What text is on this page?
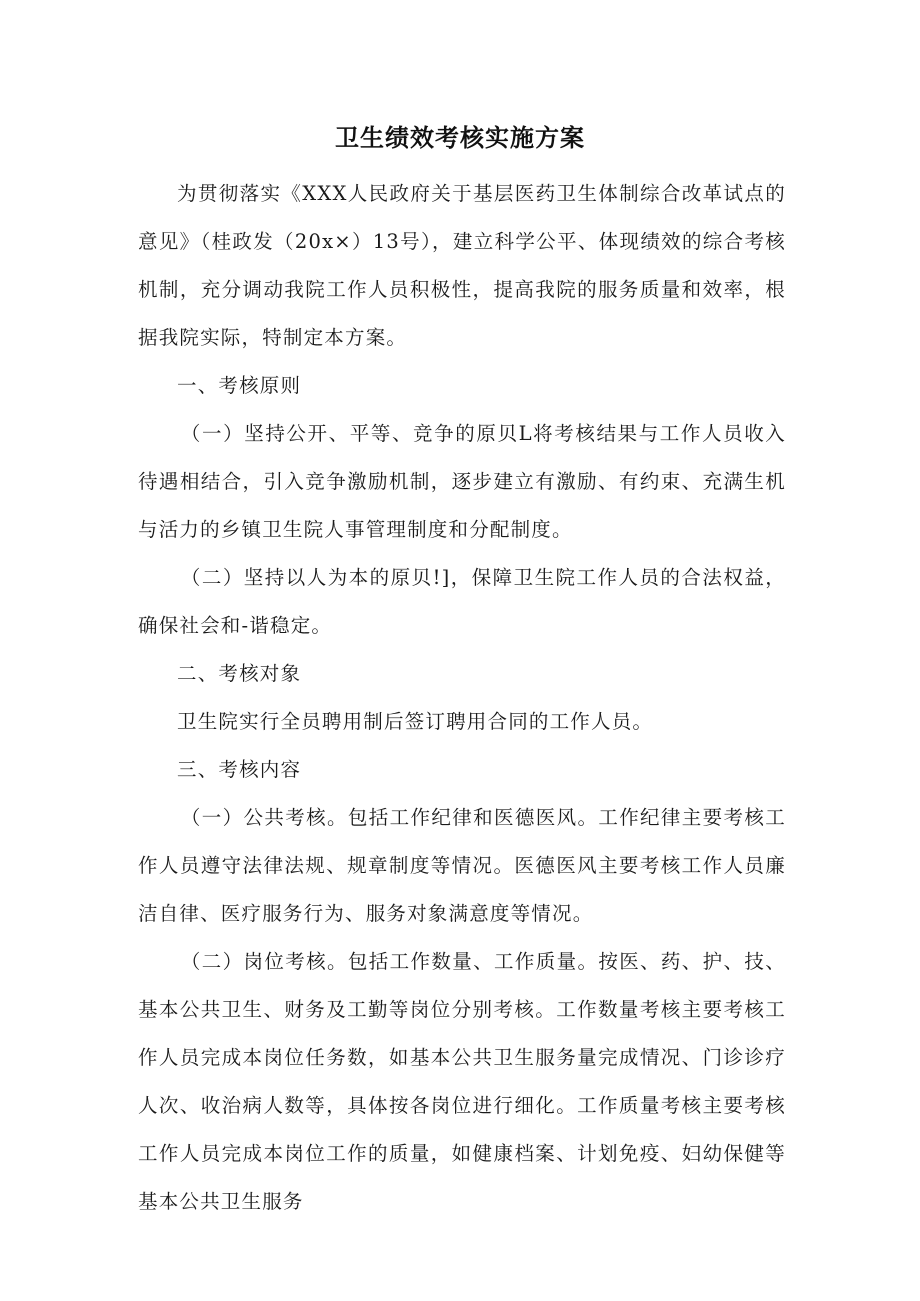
卫生绩效考核实施方案

为贯彻落实《XXX人民政府关于基层医药卫生体制综合改革试点的意见》（桂政发（20x×）13号），建立科学公平、体现绩效的综合考核机制，充分调动我院工作人员积极性，提高我院的服务质量和效率，根据我院实际，特制定本方案。

一、考核原则

（一）坚持公开、平等、竞争的原贝L将考核结果与工作人员收入待遇相结合，引入竞争激励机制，逐步建立有激励、有约束、充满生机与活力的乡镇卫生院人事管理制度和分配制度。

（二）坚持以人为本的原贝!]，保障卫生院工作人员的合法权益，确保社会和-谐稳定。

二、考核对象

卫生院实行全员聘用制后签订聘用合同的工作人员。

三、考核内容

（一）公共考核。包括工作纪律和医德医风。工作纪律主要考核工作人员遵守法律法规、规章制度等情况。医德医风主要考核工作人员廉洁自律、医疗服务行为、服务对象满意度等情况。

（二）岗位考核。包括工作数量、工作质量。按医、药、护、技、基本公共卫生、财务及工勤等岗位分别考核。工作数量考核主要考核工作人员完成本岗位任务数，如基本公共卫生服务量完成情况、门诊诊疗人次、收治病人数等，具体按各岗位进行细化。工作质量考核主要考核工作人员完成本岗位工作的质量，如健康档案、计划免疫、妇幼保健等基本公共卫生服务
